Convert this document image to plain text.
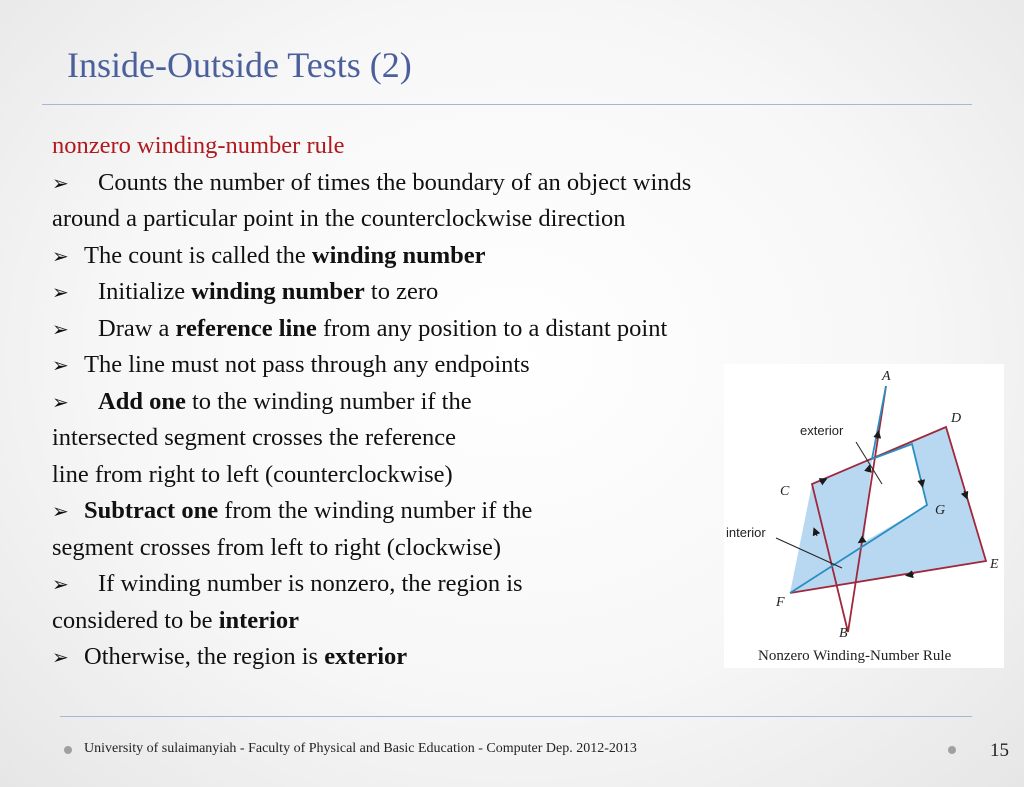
Inside-Outside Tests (2)

nonzero winding-number rule

➢ Counts the number of times the boundary of an object winds

around a particular point in the counterclockwise direction

➢ The count is called the winding number

➢ Initialize winding number to zero

➢ Draw a reference line from any position to a distant point

➢ The line must not pass through any endpoints

➢ Add one to the winding number if the

intersected segment crosses the reference

line from right to left (counterclockwise)

➢ Subtract one from the winding number if the

segment crosses from left to right (clockwise)

➢ If winding number is nonzero, the region is

considered to be interior

➢ Otherwise, the region is exterior

A
B
C
D
E
F
G
exterior
interior
Nonzero Winding-Number Rule
University of sulaimanyiah - Faculty of Physical and Basic Education - Computer Dep. 2012-2013	15
